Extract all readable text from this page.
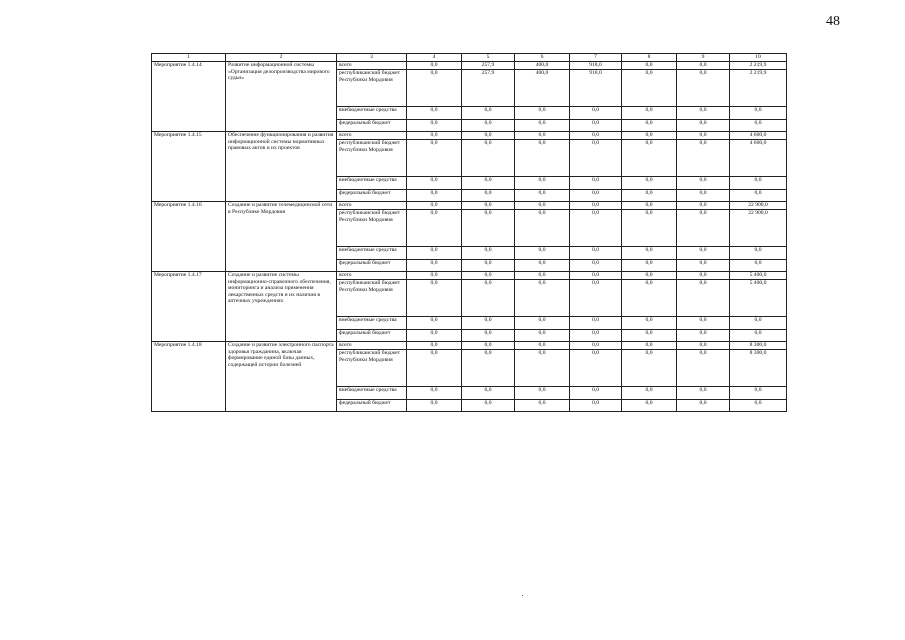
48
1	2	3	4	5	6	7	8	9	10
Мероприятие 1.4.14	Развитие информационной системы «Организация делопроизводства мирового судьи»	всего	0,0	257,9	400,0	918,0	0,0	0,0	2 219,9
		республиканский бюджет Республики Мордовия	0,0	257,9	400,0	918,0	0,0	0,0	2 219,9
		внебюджетные средства	0,0	0,0	0,0	0,0	0,0	0,0	0,0
		федеральный бюджет	0,0	0,0	0,0	0,0	0,0	0,0	0,0
Мероприятие 1.4.15	Обеспечение функционирования и развития информационной системы нормативных правовых актов и их проектов	всего	0,0	0,0	0,0	0,0	0,0	0,0	4 600,0
		республиканский бюджет Республики Мордовия	0,0	0,0	0,0	0,0	0,0	0,0	4 600,0
		внебюджетные средства	0,0	0,0	0,0	0,0	0,0	0,0	0,0
		федеральный бюджет	0,0	0,0	0,0	0,0	0,0	0,0	0,0
Мероприятие 1.4.16	Создание и развитие телемедицинской сети в Республике Мордовия	всего	0,0	0,0	0,0	0,0	0,0	0,0	22 900,0
		республиканский бюджет Республики Мордовия	0,0	0,0	0,0	0,0	0,0	0,0	22 900,0
		внебюджетные средства	0,0	0,0	0,0	0,0	0,0	0,0	0,0
		федеральный бюджет	0,0	0,0	0,0	0,0	0,0	0,0	0,0
Мероприятие 1.4.17	Создание и развитие системы информационно-справочного обеспечения, мониторинга и анализа применения лекарственных средств и их наличия в аптечных учреждениях	всего	0,0	0,0	0,0	0,0	0,0	0,0	5 400,0
		республиканский бюджет Республики Мордовия	0,0	0,0	0,0	0,0	0,0	0,0	5 400,0
		внебюджетные средства	0,0	0,0	0,0	0,0	0,0	0,0	0,0
		федеральный бюджет	0,0	0,0	0,0	0,0	0,0	0,0	0,0
Мероприятие 1.4.18	Создание и развитие электронного паспорта здоровья гражданина, включая формирование единой базы данных, содержащей истории болезней	всего	0,0	0,0	0,0	0,0	0,0	0,0	8 300,0
		республиканский бюджет Республики Мордовия	0,0	0,0	0,0	0,0	0,0	0,0	8 300,0
		внебюджетные средства	0,0	0,0	0,0	0,0	0,0	0,0	0,0
		федеральный бюджет	0,0	0,0	0,0	0,0	0,0	0,0	0,0
